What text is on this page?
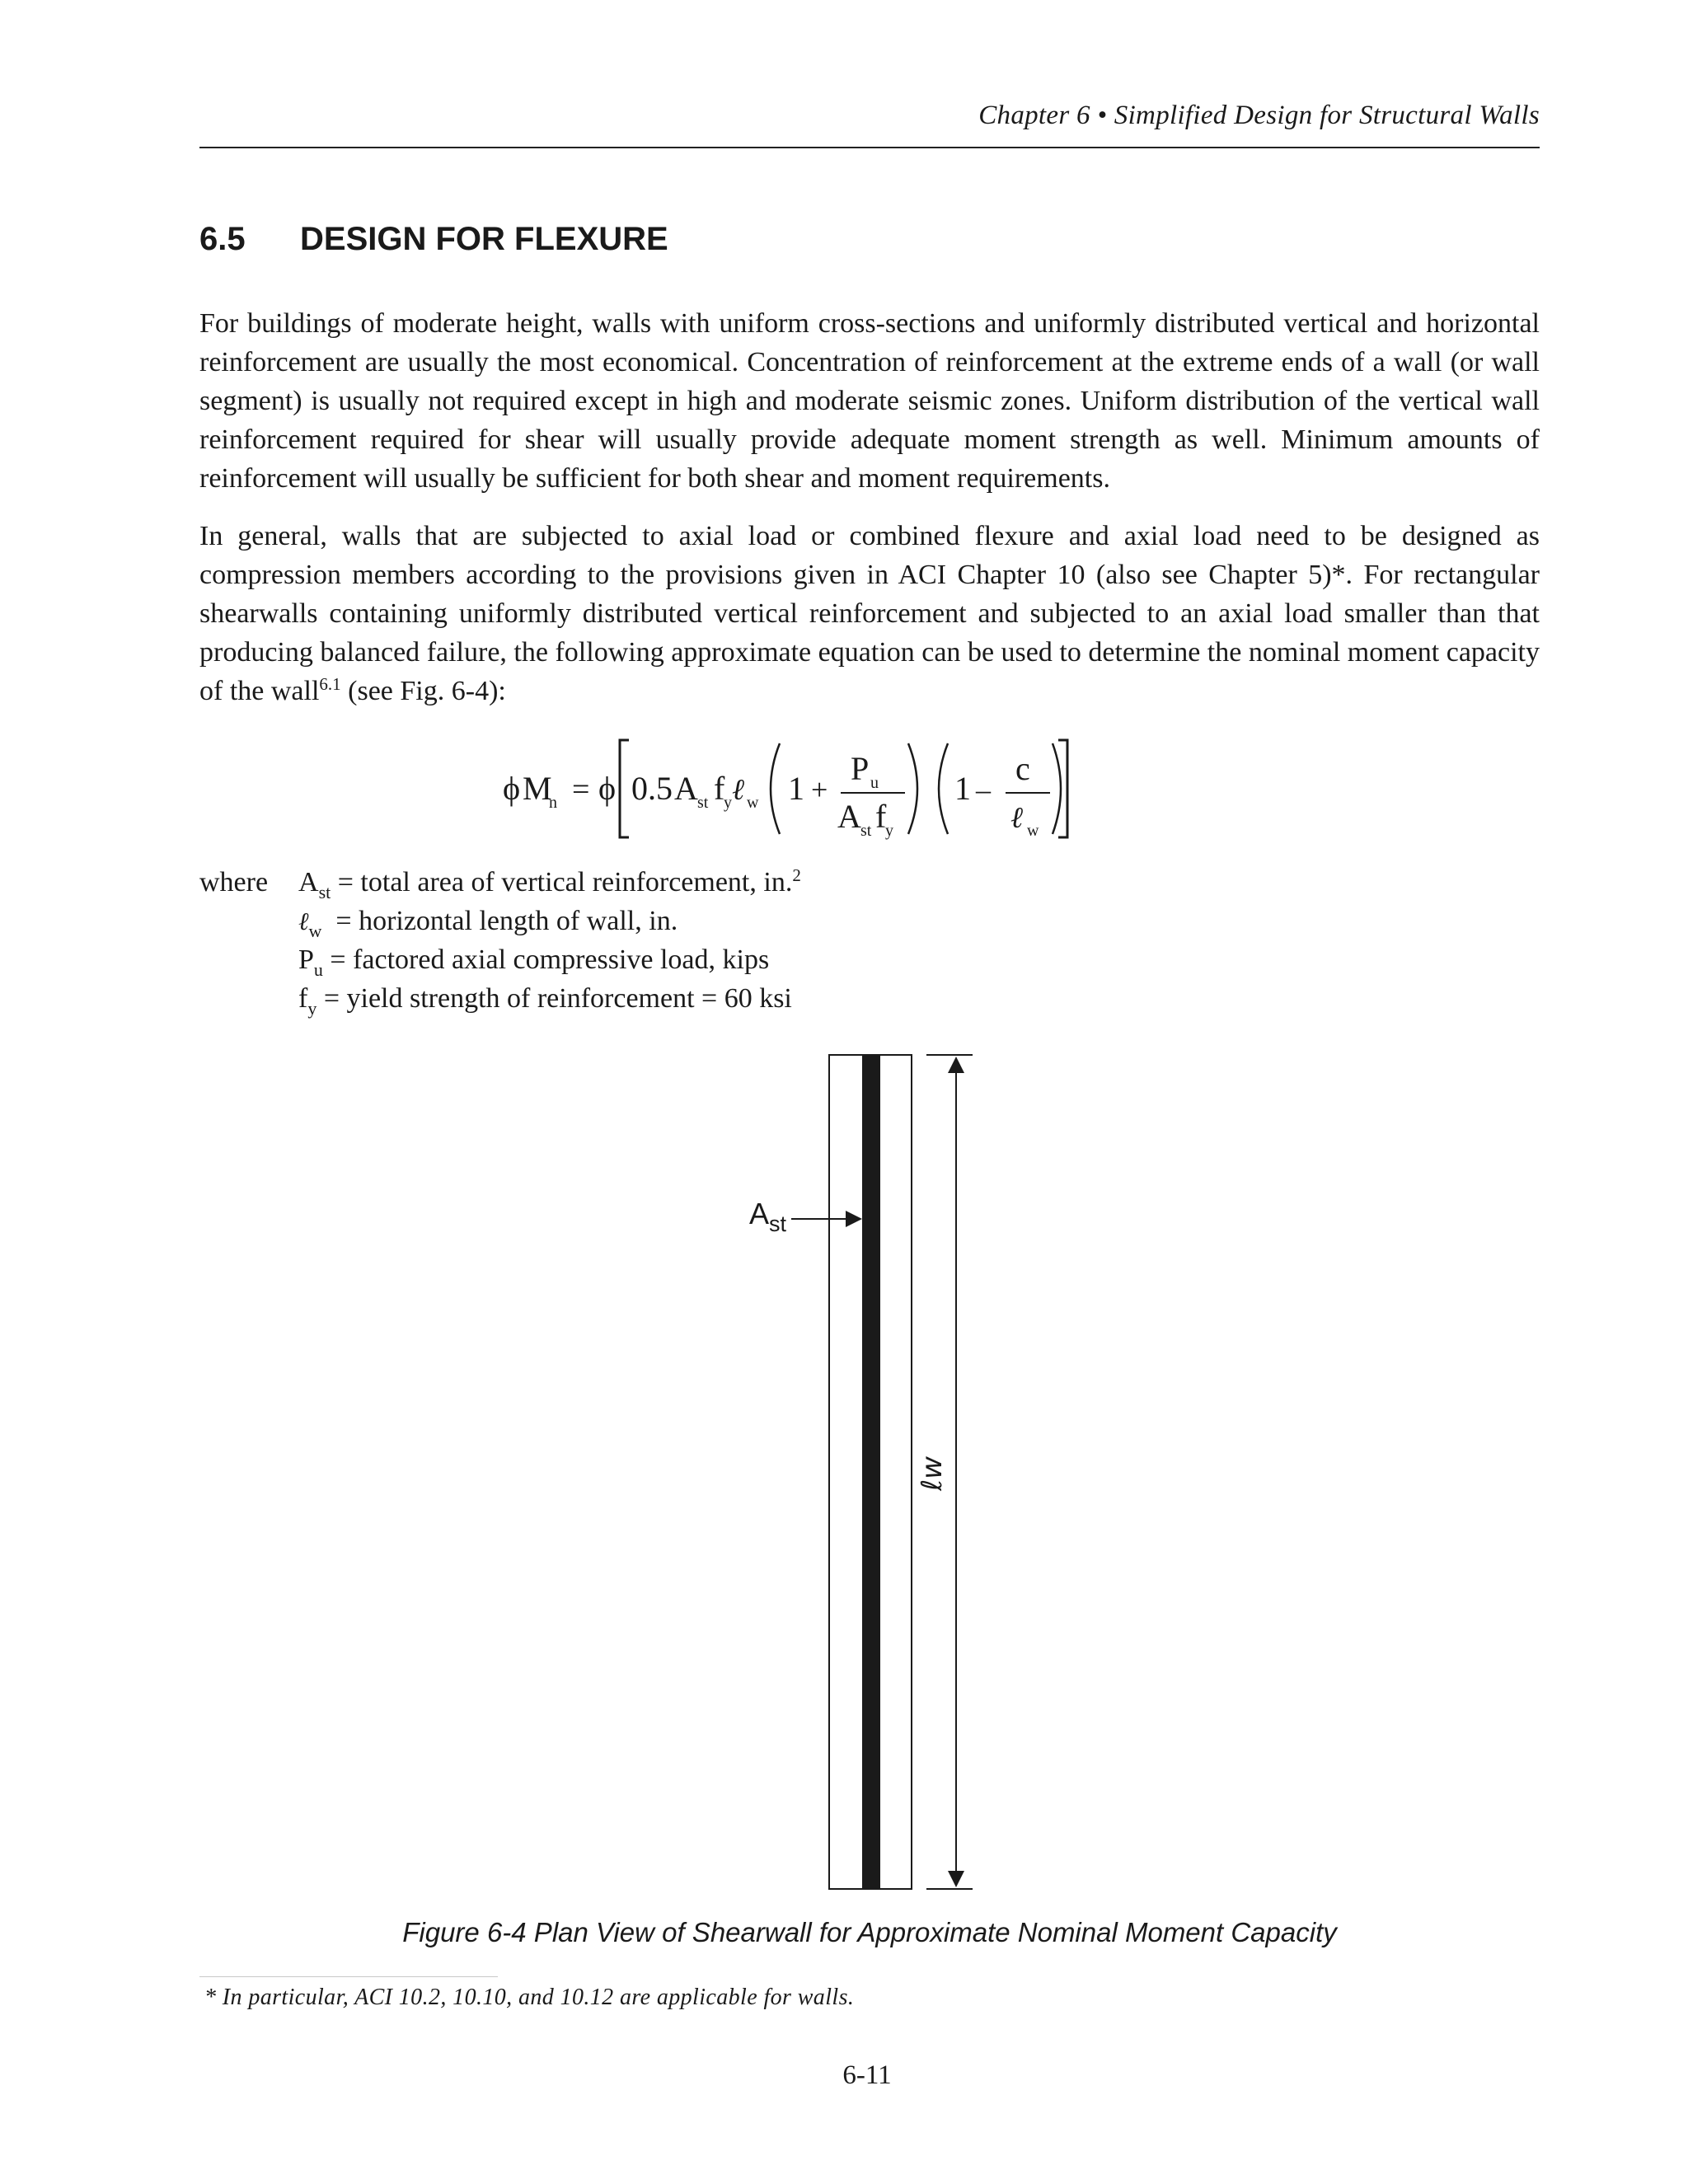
Chapter 6 • Simplified Design for Structural Walls
6.5 DESIGN FOR FLEXURE

For buildings of moderate height, walls with uniform cross-sections and uniformly distributed vertical and horizontal reinforcement are usually the most economical. Concentration of reinforcement at the extreme ends of a wall (or wall segment) is usually not required except in high and moderate seismic zones. Uniform distribution of the vertical wall reinforcement required for shear will usually provide adequate moment strength as well. Minimum amounts of reinforcement will usually be sufficient for both shear and moment requirements.

In general, walls that are subjected to axial load or combined flexure and axial load need to be designed as compression members according to the provisions given in ACI Chapter 10 (also see Chapter 5)*. For rectangular shearwalls containing uniformly distributed vertical reinforcement and subjected to an axial load smaller than that producing balanced failure, the following approximate equation can be used to determine the nominal moment capacity of the wall$^{6.1}$ (see Fig. 6-4):

ϕ M
n = ϕ 0.5 A st f
y ℓ w 1 +
P u
A st f
y
1 –
c
ℓ w
where $A_{st}$ = total area of vertical reinforcement, in.$^2$
ℓ$_w$  = horizontal length of wall, in.
$P_u$ = factored axial compressive load, kips
$f_y$ = yield strength of reinforcement = 60 ksi
A st
ℓw
Figure 6-4 Plan View of Shearwall for Approximate Nominal Moment Capacity
* In particular, ACI 10.2, 10.10, and 10.12 are applicable for walls.
6-11
